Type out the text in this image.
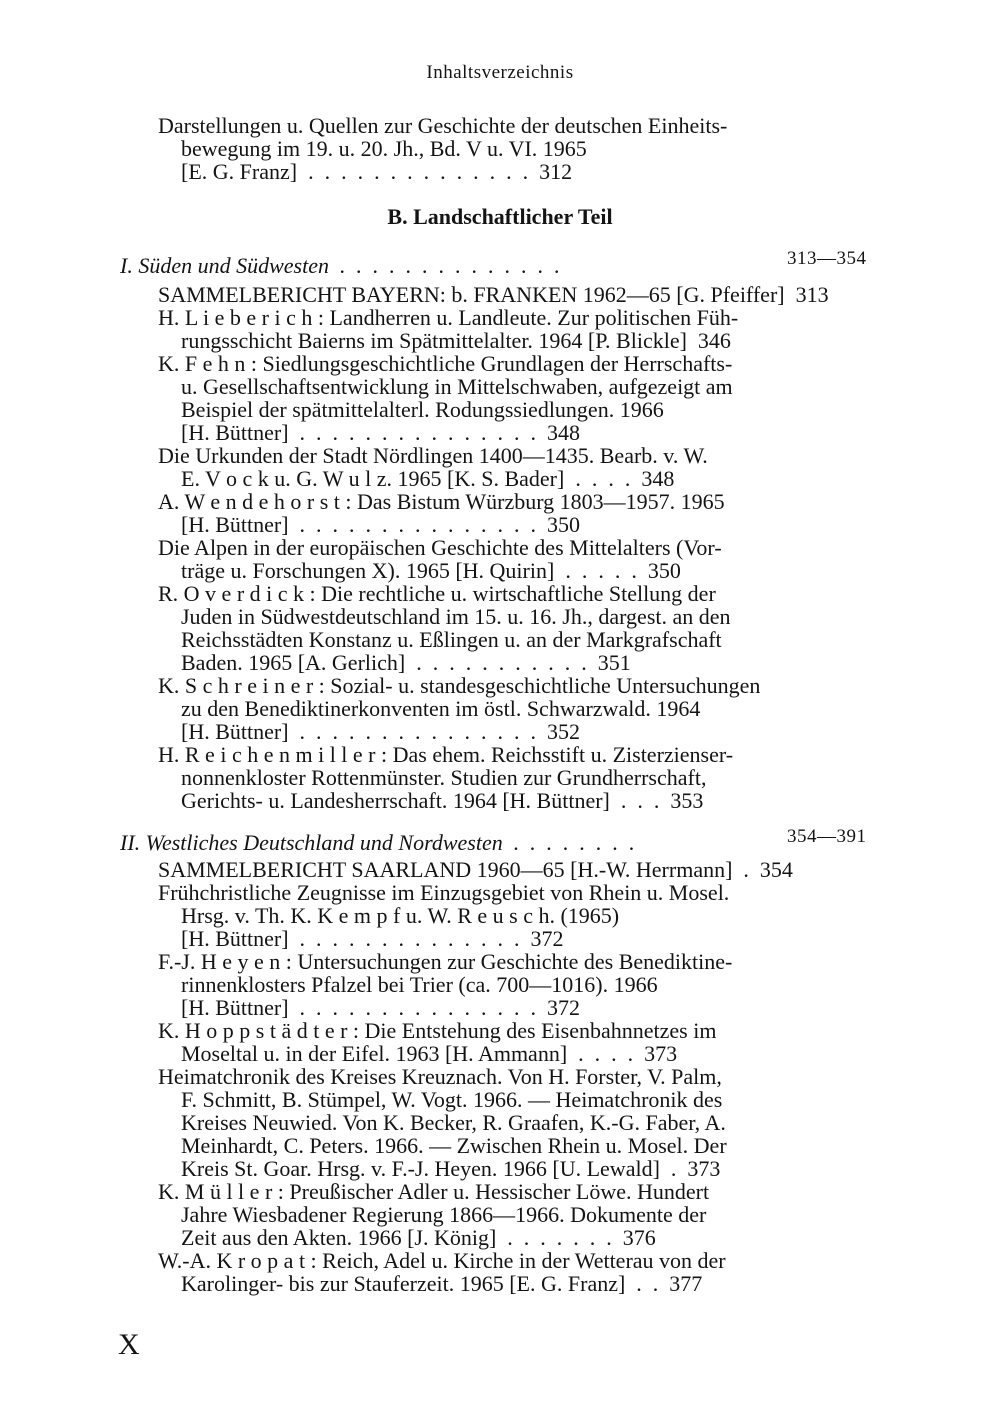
Inhaltsverzeichnis
Darstellungen u. Quellen zur Geschichte der deutschen Einheits-
bewegung im 19. u. 20. Jh., Bd. V u. VI. 1965
[E. G. Franz]  .  .  .  .  .  .  .  .  .  .  .  .  .  .  312
B. Landschaftlicher Teil
I. Süden und Südwesten  .  .  .  .  .  .  .  .  .  .  .  .  .  .	313—354
SAMMELBERICHT BAYERN: b. FRANKEN 1962—65 [G. Pfeiffer]  313
H. L i e b e r i c h : Landherren u. Landleute. Zur politischen Füh-
rungsschicht Baierns im Spätmittelalter. 1964 [P. Blickle]  346
K. F e h n : Siedlungsgeschichtliche Grundlagen der Herrschafts-
u. Gesellschaftsentwicklung in Mittelschwaben, aufgezeigt am
Beispiel der spätmittelalterl. Rodungssiedlungen. 1966
[H. Büttner]  .  .  .  .  .  .  .  .  .  .  .  .  .  .  .  348
Die Urkunden der Stadt Nördlingen 1400—1435. Bearb. v. W.
E. V o c k u. G. W u l z. 1965 [K. S. Bader]  .  .  .  .  348
A. W e n d e h o r s t : Das Bistum Würzburg 1803—1957. 1965
[H. Büttner]  .  .  .  .  .  .  .  .  .  .  .  .  .  .  .  350
Die Alpen in der europäischen Geschichte des Mittelalters (Vor-
träge u. Forschungen X). 1965 [H. Quirin]  .  .  .  .  .  350
R. O v e r d i c k : Die rechtliche u. wirtschaftliche Stellung der
Juden in Südwestdeutschland im 15. u. 16. Jh., dargest. an den
Reichsstädten Konstanz u. Eßlingen u. an der Markgrafschaft
Baden. 1965 [A. Gerlich]  .  .  .  .  .  .  .  .  .  .  .  351
K. S c h r e i n e r : Sozial- u. standesgeschichtliche Untersuchungen
zu den Benediktinerkonventen im östl. Schwarzwald. 1964
[H. Büttner]  .  .  .  .  .  .  .  .  .  .  .  .  .  .  .  352
H. R e i c h e n m i l l e r : Das ehem. Reichsstift u. Zisterzienser-
nonnenkloster Rottenmünster. Studien zur Grundherrschaft,
Gerichts- u. Landesherrschaft. 1964 [H. Büttner]  .  .  .  353
II. Westliches Deutschland und Nordwesten  .  .  .  .  .  .  .  .	354—391
SAMMELBERICHT SAARLAND 1960—65 [H.-W. Herrmann]  .  354
Frühchristliche Zeugnisse im Einzugsgebiet von Rhein u. Mosel.
Hrsg. v. Th. K. K e m p f u. W. R e u s c h. (1965)
[H. Büttner]  .  .  .  .  .  .  .  .  .  .  .  .  .  .  372
F.-J. H e y e n : Untersuchungen zur Geschichte des Benediktine-
rinnenklosters Pfalzel bei Trier (ca. 700—1016). 1966
[H. Büttner]  .  .  .  .  .  .  .  .  .  .  .  .  .  .  .  372
K. H o p p s t ä d t e r : Die Entstehung des Eisenbahnnetzes im
Moseltal u. in der Eifel. 1963 [H. Ammann]  .  .  .  .  373
Heimatchronik des Kreises Kreuznach. Von H. Forster, V. Palm,
F. Schmitt, B. Stümpel, W. Vogt. 1966. — Heimatchronik des
Kreises Neuwied. Von K. Becker, R. Graafen, K.-G. Faber, A.
Meinhardt, C. Peters. 1966. — Zwischen Rhein u. Mosel. Der
Kreis St. Goar. Hrsg. v. F.-J. Heyen. 1966 [U. Lewald]  .  373
K. M ü l l e r : Preußischer Adler u. Hessischer Löwe. Hundert
Jahre Wiesbadener Regierung 1866—1966. Dokumente der
Zeit aus den Akten. 1966 [J. König]  .  .  .  .  .  .  .  376
W.-A. K r o p a t : Reich, Adel u. Kirche in der Wetterau von der
Karolinger- bis zur Stauferzeit. 1965 [E. G. Franz]  .  .  377
X
